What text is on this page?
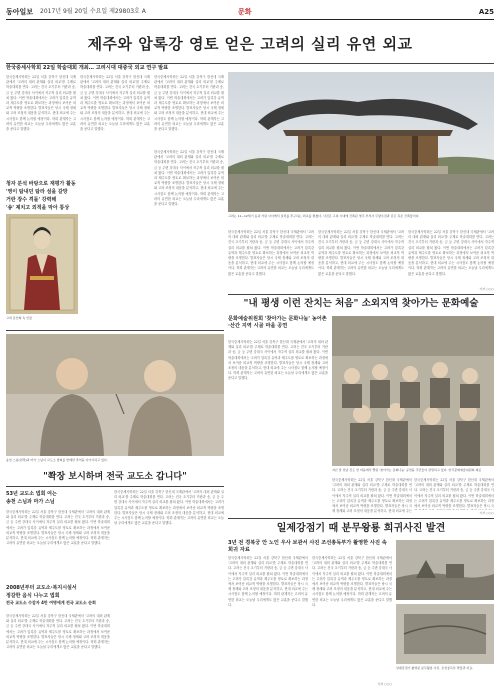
동아일보 2017년 9월 20일 수요일 제29803호 A	문화	A25
제주와 압록강 영토 얻은 고려의 실리 유연 외교
한국중세사학회 22일 학술대회 개최… 고려시대 대중국 외교 연구 발표
한국중세사학회는 22일 서울 강북구 한신대 국제관에서 '고려의 대외 관계와 실리 외교'를 주제로 학술대회를 연다. 고려는 건국 초기부터 거란과 송, 금 등 주변 강대국 사이에서 자주적 실리 외교를 펼쳐 왔다. 이번 학술대회에서는 고려가 압록강 유역과 제주도를 영토로 확보하는 과정에서 보여준 외교적 역량을 조명한다. 발표자들은 당시 국제 정세와 고려 조정의 대응을 분석하고, 현대 외교에 주는 시사점도 함께 논의할 예정이다. 학회 관계자는 고려의 유연한 외교는 오늘날 우리에게도 많은 교훈을 준다고 말했다.
한국중세사학회는 22일 서울 강북구 한신대 국제관에서 '고려의 대외 관계와 실리 외교'를 주제로 학술대회를 연다. 고려는 건국 초기부터 거란과 송, 금 등 주변 강대국 사이에서 자주적 실리 외교를 펼쳐 왔다. 이번 학술대회에서는 고려가 압록강 유역과 제주도를 영토로 확보하는 과정에서 보여준 외교적 역량을 조명한다. 발표자들은 당시 국제 정세와 고려 조정의 대응을 분석하고, 현대 외교에 주는 시사점도 함께 논의할 예정이다. 학회 관계자는 고려의 유연한 외교는 오늘날 우리에게도 많은 교훈을 준다고 말했다.
한국중세사학회는 22일 서울 강북구 한신대 국제관에서 '고려의 대외 관계와 실리 외교'를 주제로 학술대회를 연다. 고려는 건국 초기부터 거란과 송, 금 등 주변 강대국 사이에서 자주적 실리 외교를 펼쳐 왔다. 이번 학술대회에서는 고려가 압록강 유역과 제주도를 영토로 확보하는 과정에서 보여준 외교적 역량을 조명한다. 발표자들은 당시 국제 정세와 고려 조정의 대응을 분석하고, 현대 외교에 주는 시사점도 함께 논의할 예정이다. 학회 관계자는 고려의 유연한 외교는 오늘날 우리에게도 많은 교훈을 준다고 말했다.
청자 분석 바탕으로 재평가 활동
'영이 탐내던 탐라 섬을 갈망
거란 장수 격돌' 강력해
'송' 제치고 외적을 막아 통상
고려 문인화 속 인물
고려는 11~12세기 송과 거란 사이에서 실리를 추구하는 외교를 펼쳤다. 사진은 고려 시대에 건축된 영주 부석사 무량수전과 같은 목조 건축물이다.
한국중세사학회는 22일 서울 강북구 한신대 국제관에서 '고려의 대외 관계와 실리 외교'를 주제로 학술대회를 연다. 고려는 건국 초기부터 거란과 송, 금 등 주변 강대국 사이에서 자주적 실리 외교를 펼쳐 왔다. 이번 학술대회에서는 고려가 압록강 유역과 제주도를 영토로 확보하는 과정에서 보여준 외교적 역량을 조명한다. 발표자들은 당시 국제 정세와 고려 조정의 대응을 분석하고, 현대 외교에 주는 시사점도 함께 논의할 예정이다. 학회 관계자는 고려의 유연한 외교는 오늘날 우리에게도 많은 교훈을 준다고 말했다.
한국중세사학회는 22일 서울 강북구 한신대 국제관에서 '고려의 대외 관계와 실리 외교'를 주제로 학술대회를 연다. 고려는 건국 초기부터 거란과 송, 금 등 주변 강대국 사이에서 자주적 실리 외교를 펼쳐 왔다. 이번 학술대회에서는 고려가 압록강 유역과 제주도를 영토로 확보하는 과정에서 보여준 외교적 역량을 조명한다. 발표자들은 당시 국제 정세와 고려 조정의 대응을 분석하고, 현대 외교에 주는 시사점도 함께 논의할 예정이다. 학회 관계자는 고려의 유연한 외교는 오늘날 우리에게도 많은 교훈을 준다고 말했다.
한국중세사학회는 22일 서울 강북구 한신대 국제관에서 '고려의 대외 관계와 실리 외교'를 주제로 학술대회를 연다. 고려는 건국 초기부터 거란과 송, 금 등 주변 강대국 사이에서 자주적 실리 외교를 펼쳐 왔다. 이번 학술대회에서는 고려가 압록강 유역과 제주도를 영토로 확보하는 과정에서 보여준 외교적 역량을 조명한다. 발표자들은 당시 국제 정세와 고려 조정의 대응을 분석하고, 현대 외교에 주는 시사점도 함께 논의할 예정이다. 학회 관계자는 고려의 유연한 외교는 오늘날 우리에게도 많은 교훈을 준다고 말했다.
한국중세사학회는 22일 서울 강북구 한신대 국제관에서 '고려의 대외 관계와 실리 외교'를 주제로 학술대회를 연다. 고려는 건국 초기부터 거란과 송, 금 등 주변 강대국 사이에서 자주적 실리 외교를 펼쳐 왔다. 이번 학술대회에서는 고려가 압록강 유역과 제주도를 영토로 확보하는 과정에서 보여준 외교적 역량을 조명한다. 발표자들은 당시 국제 정세와 고려 조정의 대응을 분석하고, 현대 외교에 주는 시사점도 함께 논의할 예정이다. 학회 관계자는 고려의 유연한 외교는 오늘날 우리에게도 많은 교훈을 준다고 말했다.
기자 ○○○
"내 평생 이런 잔치는 처음" 소외지역 찾아가는 문화예술
송천 스님(왼쪽)과 마가 스님이 교도소 법회를 함께한 추억을 이야기하고 있다.
"쫙장 보시하며 전국 교도소 갑니다"
53년 교도소 법회 여는
송천 스님과 마가 스님
한국중세사학회는 22일 서울 강북구 한신대 국제관에서 '고려의 대외 관계와 실리 외교'를 주제로 학술대회를 연다. 고려는 건국 초기부터 거란과 송, 금 등 주변 강대국 사이에서 자주적 실리 외교를 펼쳐 왔다. 이번 학술대회에서는 고려가 압록강 유역과 제주도를 영토로 확보하는 과정에서 보여준 외교적 역량을 조명한다. 발표자들은 당시 국제 정세와 고려 조정의 대응을 분석하고, 현대 외교에 주는 시사점도 함께 논의할 예정이다. 학회 관계자는 고려의 유연한 외교는 오늘날 우리에게도 많은 교훈을 준다고 말했다.
2008년부터 교도소·복지시설서
정갈한 음식 나누고 법회
전국 교도소 수감자 4만 여명에게 전국 교도소 순회
한국중세사학회는 22일 서울 강북구 한신대 국제관에서 '고려의 대외 관계와 실리 외교'를 주제로 학술대회를 연다. 고려는 건국 초기부터 거란과 송, 금 등 주변 강대국 사이에서 자주적 실리 외교를 펼쳐 왔다. 이번 학술대회에서는 고려가 압록강 유역과 제주도를 영토로 확보하는 과정에서 보여준 외교적 역량을 조명한다. 발표자들은 당시 국제 정세와 고려 조정의 대응을 분석하고, 현대 외교에 주는 시사점도 함께 논의할 예정이다. 학회 관계자는 고려의 유연한 외교는 오늘날 우리에게도 많은 교훈을 준다고 말했다.
한국중세사학회는 22일 서울 강북구 한신대 국제관에서 '고려의 대외 관계와 실리 외교'를 주제로 학술대회를 연다. 고려는 건국 초기부터 거란과 송, 금 등 주변 강대국 사이에서 자주적 실리 외교를 펼쳐 왔다. 이번 학술대회에서는 고려가 압록강 유역과 제주도를 영토로 확보하는 과정에서 보여준 외교적 역량을 조명한다. 발표자들은 당시 국제 정세와 고려 조정의 대응을 분석하고, 현대 외교에 주는 시사점도 함께 논의할 예정이다. 학회 관계자는 고려의 유연한 외교는 오늘날 우리에게도 많은 교훈을 준다고 말했다.
문화예술위원회 '찾아가는 문화나눔' 농어촌·산간 지역 시골 마을 공연
한국중세사학회는 22일 서울 강북구 한신대 국제관에서 '고려의 대외 관계와 실리 외교'를 주제로 학술대회를 연다. 고려는 건국 초기부터 거란과 송, 금 등 주변 강대국 사이에서 자주적 실리 외교를 펼쳐 왔다. 이번 학술대회에서는 고려가 압록강 유역과 제주도를 영토로 확보하는 과정에서 보여준 외교적 역량을 조명한다. 발표자들은 당시 국제 정세와 고려 조정의 대응을 분석하고, 현대 외교에 주는 시사점도 함께 논의할 예정이다. 학회 관계자는 고려의 유연한 외교는 오늘날 우리에게도 많은 교훈을 준다고 말했다.
지난 달 전남 진도 한 마을에서 열린 '찾아가는 문화나눔' 공연을 주민들이 관람하고 있다. 한국문화예술위원회 제공
한국중세사학회는 22일 서울 강북구 한신대 국제관에서 '고려의 대외 관계와 실리 외교'를 주제로 학술대회를 연다. 고려는 건국 초기부터 거란과 송, 금 등 주변 강대국 사이에서 자주적 실리 외교를 펼쳐 왔다. 이번 학술대회에서는 고려가 압록강 유역과 제주도를 영토로 확보하는 과정에서 보여준 외교적 역량을 조명한다. 발표자들은 당시 국제 정세와 고려 조정의 대응을 분석하고, 현대 외교에 주는
한국중세사학회는 22일 서울 강북구 한신대 국제관에서 '고려의 대외 관계와 실리 외교'를 주제로 학술대회를 연다. 고려는 건국 초기부터 거란과 송, 금 등 주변 강대국 사이에서 자주적 실리 외교를 펼쳐 왔다. 이번 학술대회에서는 고려가 압록강 유역과 제주도를 영토로 확보하는 과정에서 보여준 외교적 역량을 조명한다. 발표자들은 당시 국
기자 ○○○
일제강점기 때 분무왕룡 희귀사진 발견
3년 전 경복궁 안 노인 우사 보관서 사진 조선총독부가 촬영한 사진 속 희귀 자료
한국중세사학회는 22일 서울 강북구 한신대 국제관에서 '고려의 대외 관계와 실리 외교'를 주제로 학술대회를 연다. 고려는 건국 초기부터 거란과 송, 금 등 주변 강대국 사이에서 자주적 실리 외교를 펼쳐 왔다. 이번 학술대회에서는 고려가 압록강 유역과 제주도를 영토로 확보하는 과정에서 보여준 외교적 역량을 조명한다. 발표자들은 당시 국제 정세와 고려 조정의 대응을 분석하고, 현대 외교에 주는 시사점도 함께 논의할 예정이다. 학회 관계자는 고려의 유연한 외교는 오늘날 우리에게도 많은 교훈을 준다고 말했다.
한국중세사학회는 22일 서울 강북구 한신대 국제관에서 '고려의 대외 관계와 실리 외교'를 주제로 학술대회를 연다. 고려는 건국 초기부터 거란과 송, 금 등 주변 강대국 사이에서 자주적 실리 외교를 펼쳐 왔다. 이번 학술대회에서는 고려가 압록강 유역과 제주도를 영토로 확보하는 과정에서 보여준 외교적 역량을 조명한다. 발표자들은 당시 국제 정세와 고려 조정의 대응을 분석하고, 현대 외교에 주는 시사점도 함께 논의할 예정이다. 학회 관계자는 고려의 유연한 외교는 오늘날 우리에게도 많은 교훈을 준다고 말했다.
일제강점기 촬영된 분무왕룡 사진. 조선총독부 박물관 자료.
기자 ○○○
